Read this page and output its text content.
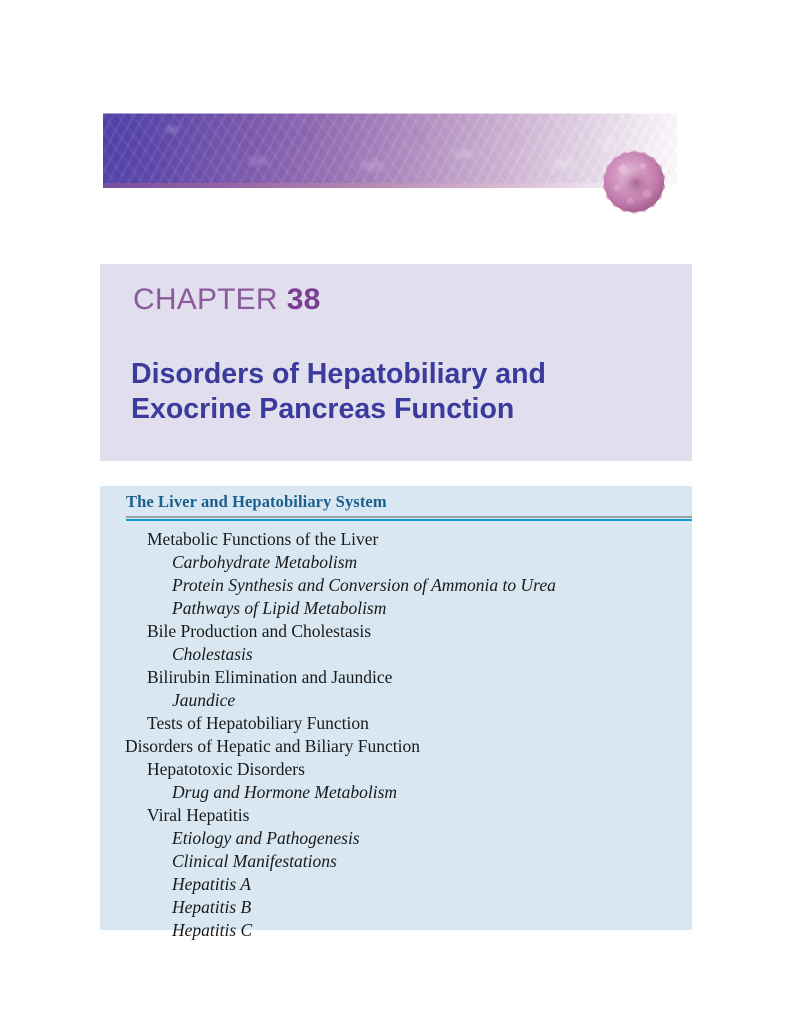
CHAPTER 38
Disorders of Hepatobiliary and Exocrine Pancreas Function
The Liver and Hepatobiliary System
Metabolic Functions of the Liver
Carbohydrate Metabolism
Protein Synthesis and Conversion of Ammonia to Urea
Pathways of Lipid Metabolism
Bile Production and Cholestasis
Cholestasis
Bilirubin Elimination and Jaundice
Jaundice
Tests of Hepatobiliary Function
Disorders of Hepatic and Biliary Function
Hepatotoxic Disorders
Drug and Hormone Metabolism
Viral Hepatitis
Etiology and Pathogenesis
Clinical Manifestations
Hepatitis A
Hepatitis B
Hepatitis C
